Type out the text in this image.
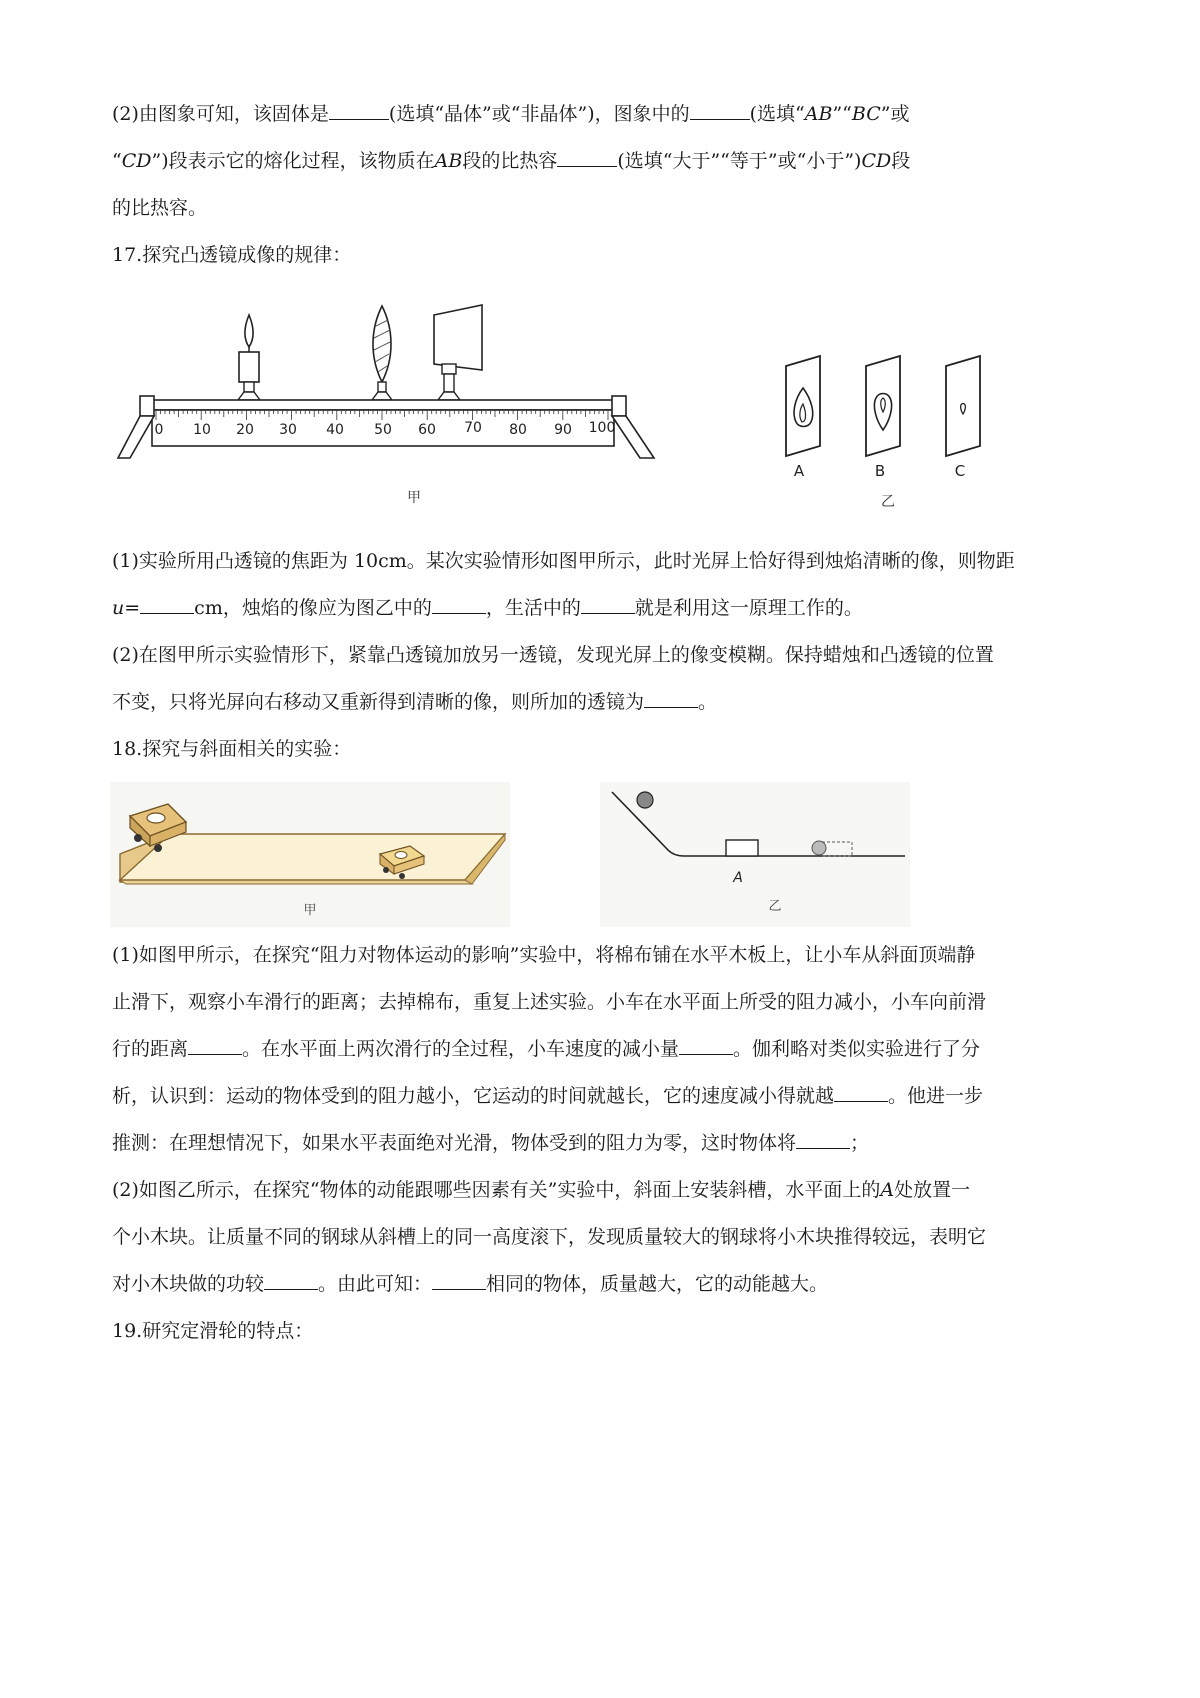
(2)由图象可知，该固体是	(选填“晶体”或“非晶体”)，图象中的	(选填“AB”“BC”或
“CD”)段表示它的熔化过程，该物质在AB段的比热容	(选填“大于”“等于”或“小于”)CD段
的比热容。
17.探究凸透镜成像的规律：
0 10 20 30 40 50 60 70 80 90 100
甲
A	B	C
乙
(1)实验所用凸透镜的焦距为 10cm。某次实验情形如图甲所示，此时光屏上恰好得到烛焰清晰的像，则物距
u=	cm，烛焰的像应为图乙中的	，生活中的	就是利用这一原理工作的。
(2)在图甲所示实验情形下，紧靠凸透镜加放另一透镜，发现光屏上的像变模糊。保持蜡烛和凸透镜的位置
不变，只将光屏向右移动又重新得到清晰的像，则所加的透镜为	。
18.探究与斜面相关的实验：
甲
A
乙
(1)如图甲所示，在探究“阻力对物体运动的影响”实验中，将棉布铺在水平木板上，让小车从斜面顶端静
止滑下，观察小车滑行的距离；去掉棉布，重复上述实验。小车在水平面上所受的阻力减小，小车向前滑
行的距离	。在水平面上两次滑行的全过程，小车速度的减小量	。伽利略对类似实验进行了分
析，认识到：运动的物体受到的阻力越小，它运动的时间就越长，它的速度减小得就越	。他进一步
推测：在理想情况下，如果水平表面绝对光滑，物体受到的阻力为零，这时物体将	；
(2)如图乙所示，在探究“物体的动能跟哪些因素有关”实验中，斜面上安装斜槽，水平面上的A处放置一
个小木块。让质量不同的钢球从斜槽上的同一高度滚下，发现质量较大的钢球将小木块推得较远，表明它
对小木块做的功较	。由此可知：	相同的物体，质量越大，它的动能越大。
19.研究定滑轮的特点：
